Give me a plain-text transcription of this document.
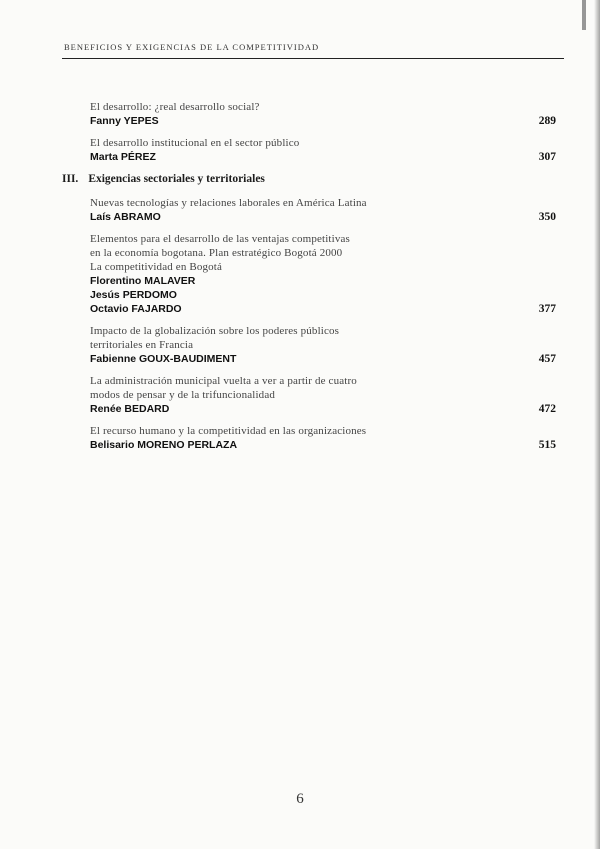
BENEFICIOS Y EXIGENCIAS DE LA COMPETITIVIDAD
El desarrollo: ¿real desarrollo social?
Fanny YEPES	289
El desarrollo institucional en el sector público
Marta PÉREZ	307
III. Exigencias sectoriales y territoriales
Nuevas tecnologías y relaciones laborales en América Latina
Laís ABRAMO	350
Elementos para el desarrollo de las ventajas competitivas
en la economía bogotana. Plan estratégico Bogotá 2000
La competitividad en Bogotá
Florentino MALAVER
Jesús PERDOMO
Octavio FAJARDO	377
Impacto de la globalización sobre los poderes públicos
territoriales en Francia
Fabienne GOUX-BAUDIMENT	457
La administración municipal vuelta a ver a partir de cuatro
modos de pensar y de la trifuncionalidad
Renée BEDARD	472
El recurso humano y la competitividad en las organizaciones
Belisario MORENO PERLAZA	515
6
